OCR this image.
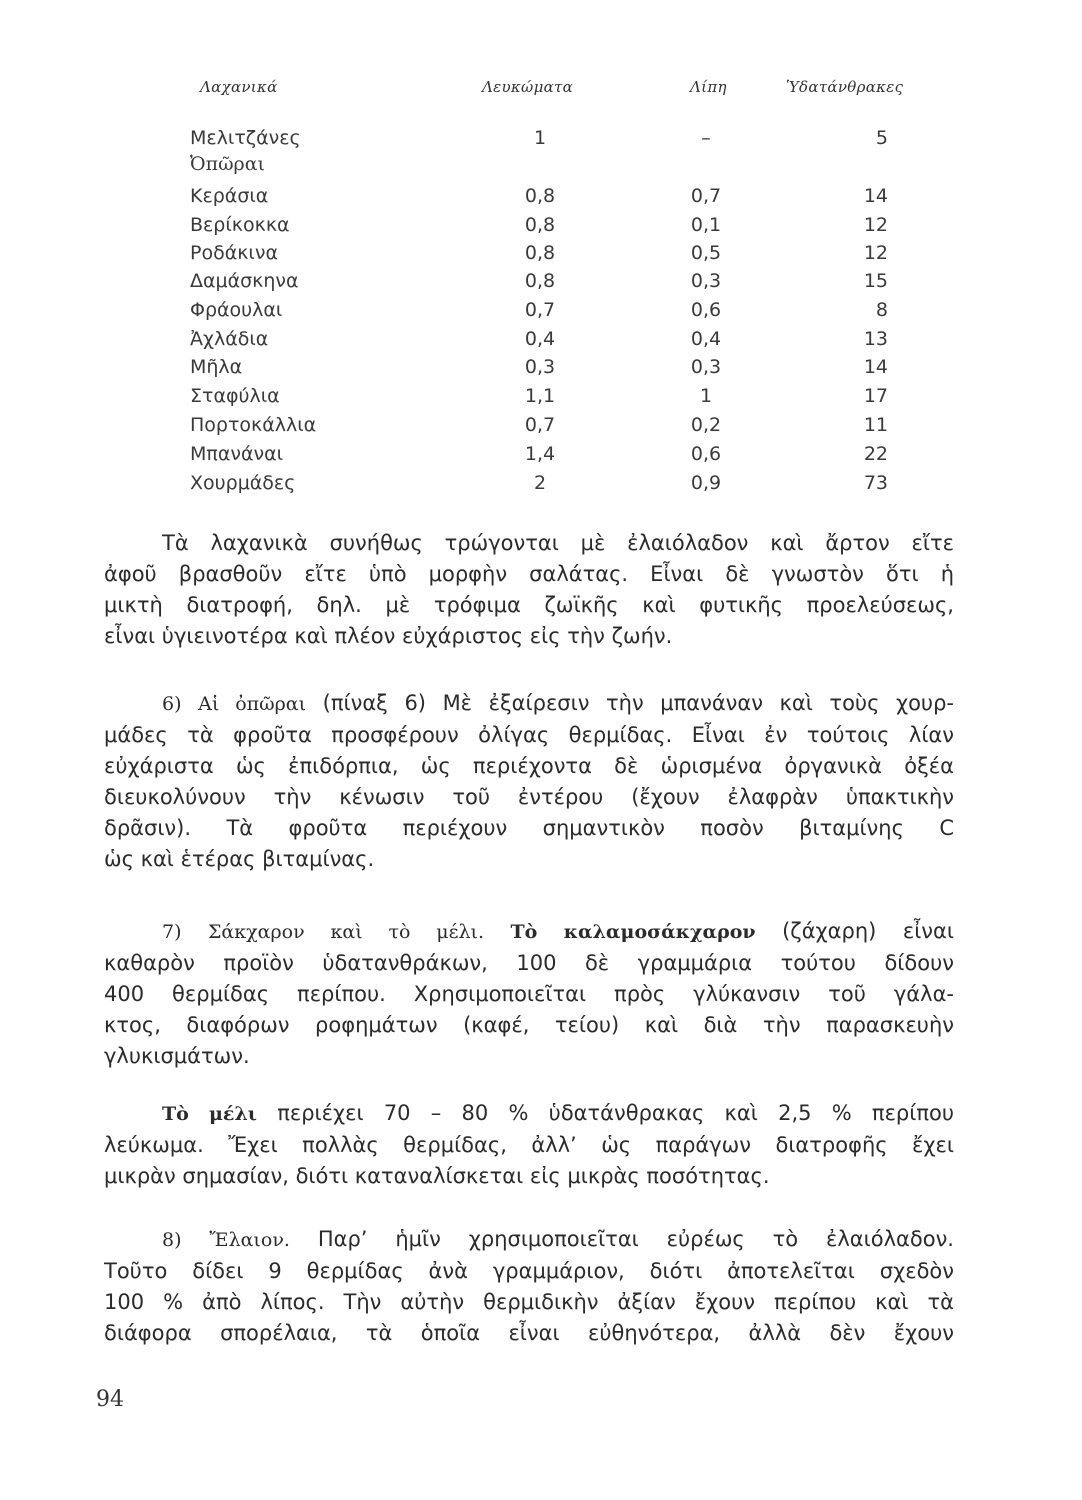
Λαχανικά	Λευκώματα	Λίπη	Ὑδατάνθρακες
Μελιτζάνες	1	–	5
Ὀπῶραι
Κεράσια	0,8	0,7	14
Βερίκοκκα	0,8	0,1	12
Ροδάκινα	0,8	0,5	12
Δαμάσκηνα	0,8	0,3	15
Φράουλαι	0,7	0,6	8
Ἀχλάδια	0,4	0,4	13
Μῆλα	0,3	0,3	14
Σταφύλια	1,1	1	17
Πορτοκάλλια	0,7	0,2	11
Μπανάναι	1,4	0,6	22
Χουρμάδες	2	0,9	73
Τὰ λαχανικὰ συνήθως τρώγονται μὲ ἐλαιόλαδον καὶ ἄρτον εἴτε
ἀφοῦ βρασθοῦν εἴτε ὑπὸ μορφὴν σαλάτας. Εἶναι δὲ γνωστὸν ὅτι ἡ
μικτὴ διατροφή, δηλ. μὲ τρόφιμα ζωϊκῆς καὶ φυτικῆς προελεύσεως,
εἶναι ὑγιεινοτέρα καὶ πλέον εὐχάριστος εἰς τὴν ζωήν.
6) Αἱ ὀπῶραι (πίναξ 6) Μὲ ἐξαίρεσιν τὴν μπανάναν καὶ τοὺς χουρ-
μάδες τὰ φροῦτα προσφέρουν ὀλίγας θερμίδας. Εἶναι ἐν τούτοις λίαν
εὐχάριστα ὡς ἐπιδόρπια, ὡς περιέχοντα δὲ ὡρισμένα ὀργανικὰ ὀξέα
διευκολύνουν τὴν κένωσιν τοῦ ἐντέρου (ἔχουν ἐλαφρὰν ὑπακτικὴν
δρᾶσιν). Τὰ φροῦτα περιέχουν σημαντικὸν ποσὸν βιταμίνης C
ὡς καὶ ἑτέρας βιταμίνας.
7) Σάκχαρον καὶ τὸ μέλι. Τὸ καλαμοσάκχαρον (ζάχαρη) εἶναι
καθαρὸν προϊὸν ὑδατανθράκων, 100 δὲ γραμμάρια τούτου δίδουν
400 θερμίδας περίπου. Χρησιμοποιεῖται πρὸς γλύκανσιν τοῦ γάλα-
κτος, διαφόρων ροφημάτων (καφέ, τείου) καὶ διὰ τὴν παρασκευὴν
γλυκισμάτων.
Τὸ μέλι περιέχει 70 – 80 % ὑδατάνθρακας καὶ 2,5 % περίπου
λεύκωμα. Ἔχει πολλὰς θερμίδας, ἀλλ’ ὡς παράγων διατροφῆς ἔχει
μικρὰν σημασίαν, διότι καταναλίσκεται εἰς μικρὰς ποσότητας.
8) Ἔλαιον. Παρ’ ἡμῖν χρησιμοποιεῖται εὐρέως τὸ ἐλαιόλαδον.
Τοῦτο δίδει 9 θερμίδας ἀνὰ γραμμάριον, διότι ἀποτελεῖται σχεδὸν
100 % ἀπὸ λίπος. Τὴν αὐτὴν θερμιδικὴν ἀξίαν ἔχουν περίπου καὶ τὰ
διάφορα σπορέλαια, τὰ ὁποῖα εἶναι εὐθηνότερα, ἀλλὰ δὲν ἔχουν
94
